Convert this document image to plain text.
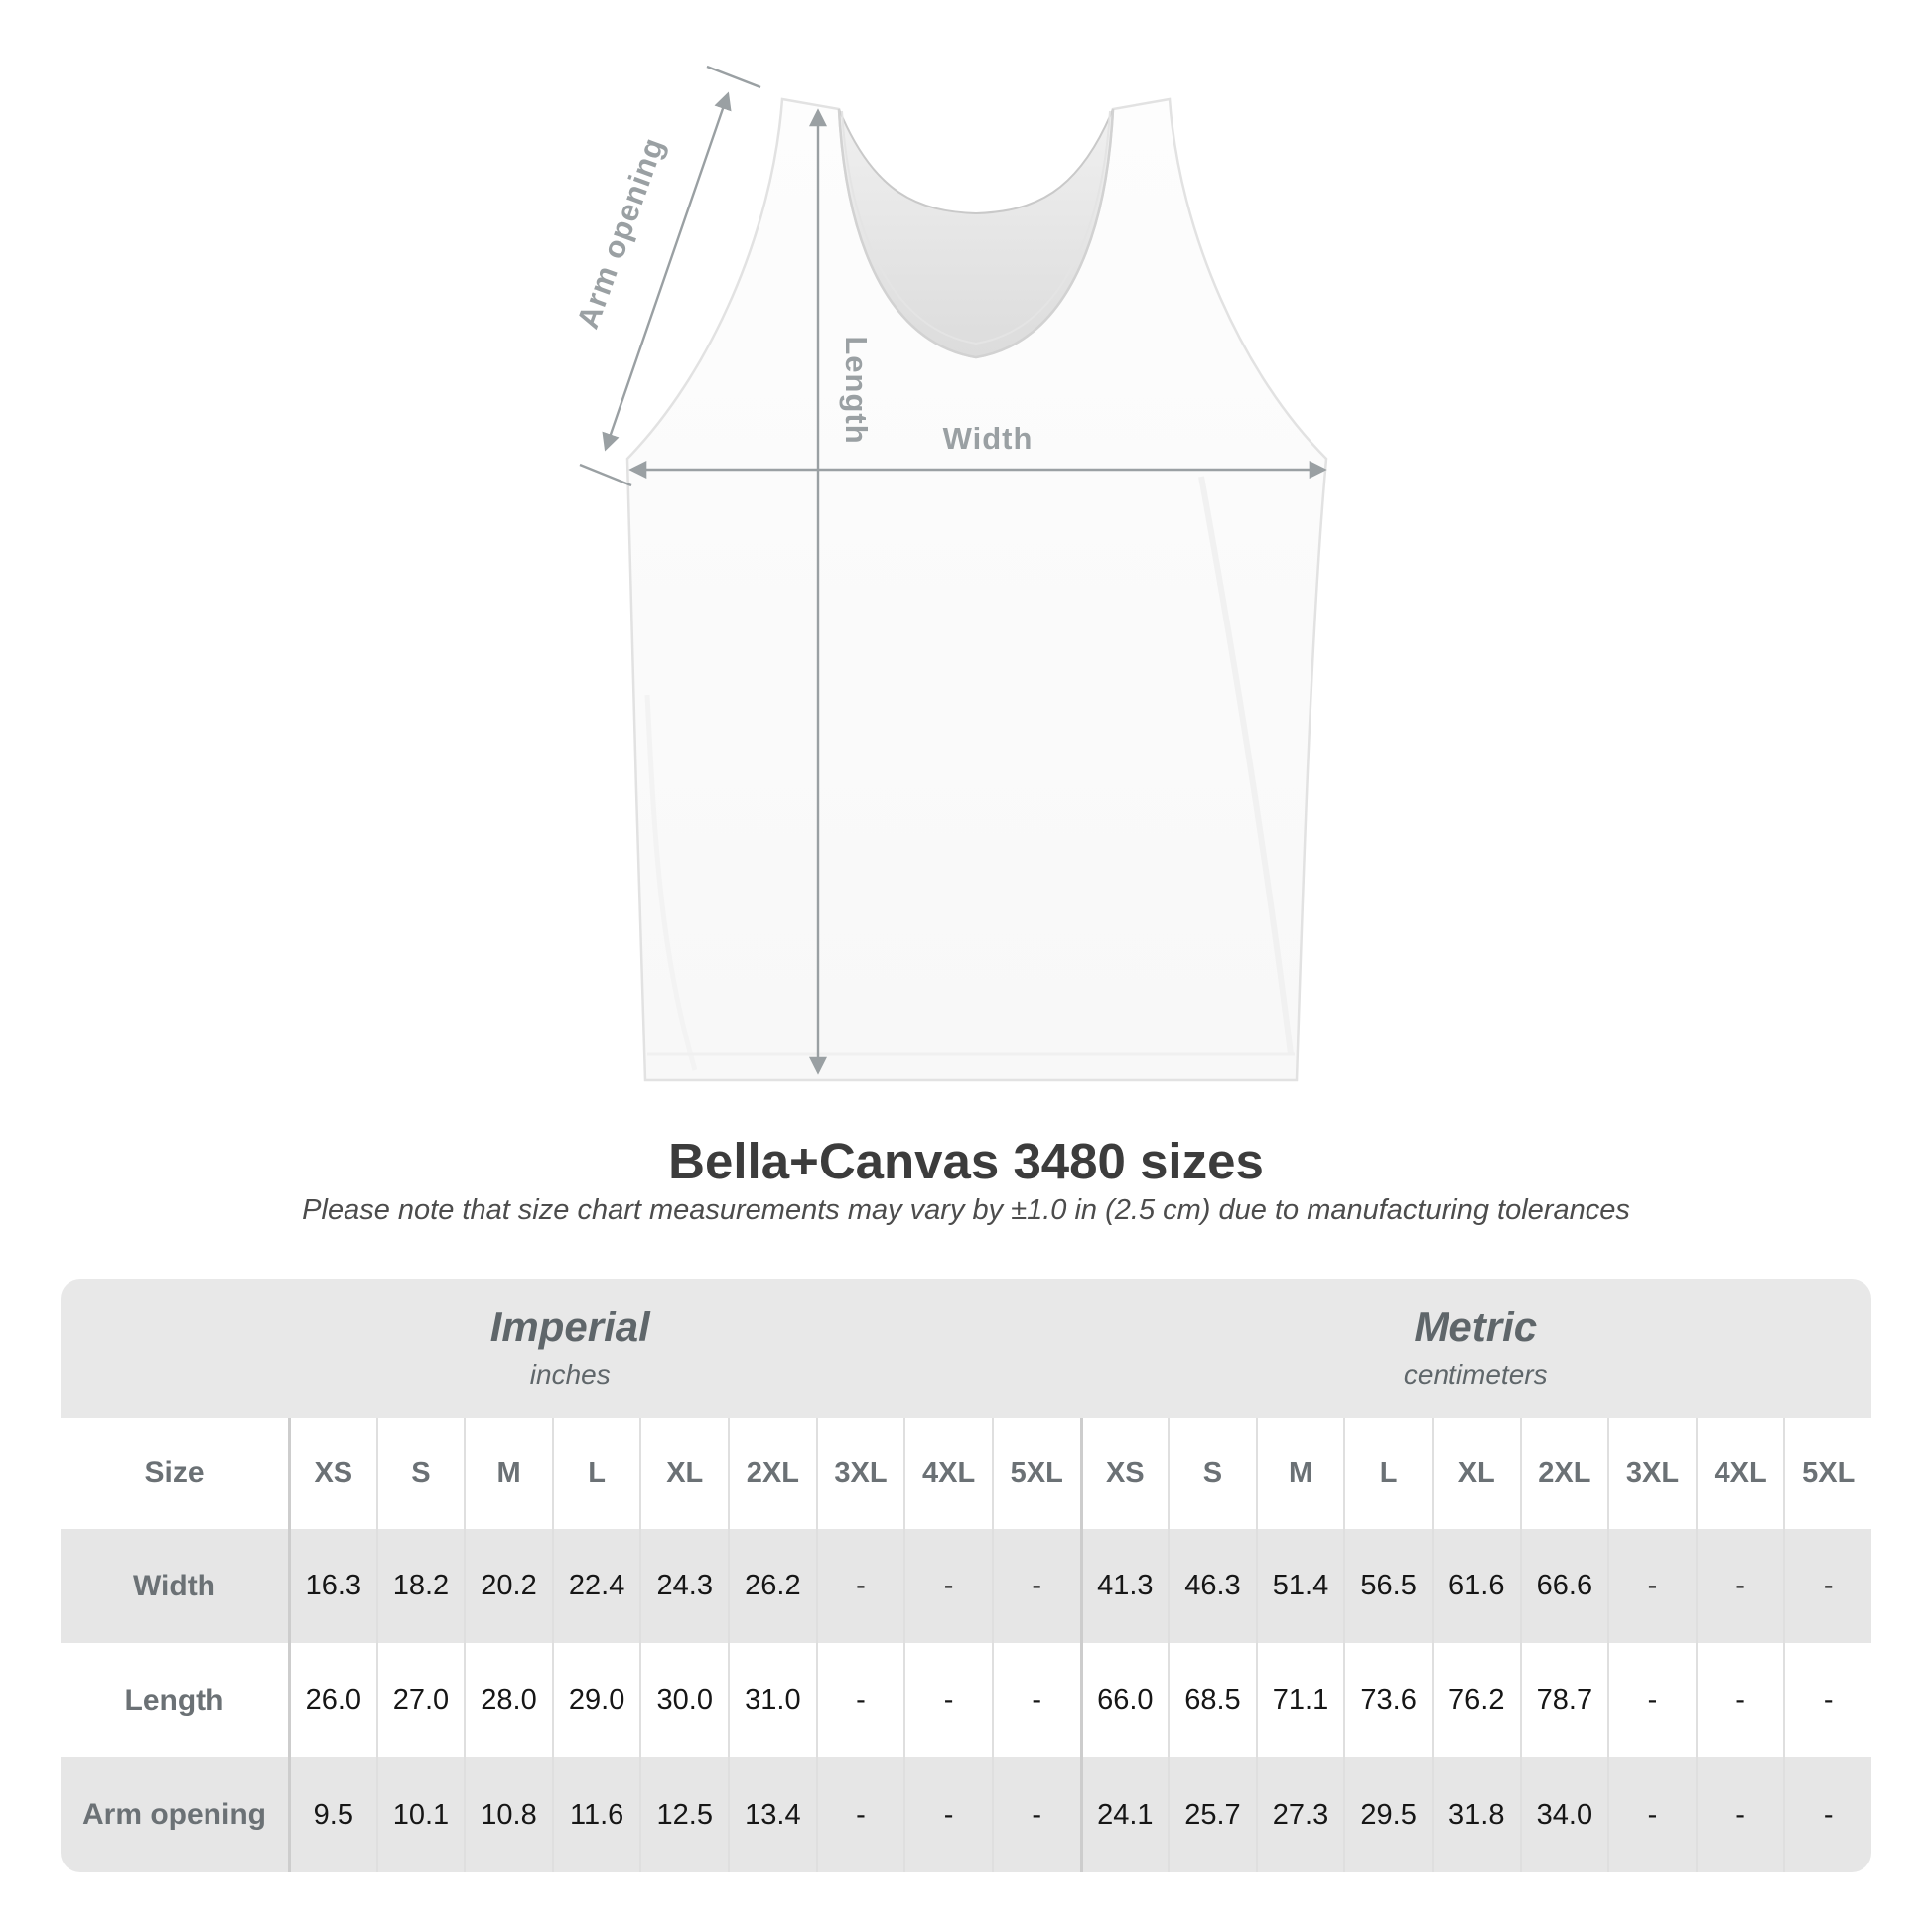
Arm opening
Length Width
Bella+Canvas 3480 sizes
Please note that size chart measurements may vary by ±1.0 in (2.5 cm) due to manufacturing tolerances
Imperial
inches
Metric
centimeters
Size	XS	S	M	L	XL	2XL	3XL	4XL	5XL	XS	S	M	L	XL	2XL	3XL	4XL	5XL
Width	16.3	18.2	20.2	22.4	24.3	26.2	-	-	-	41.3	46.3	51.4	56.5	61.6	66.6	-	-	-
Length	26.0	27.0	28.0	29.0	30.0	31.0	-	-	-	66.0	68.5	71.1	73.6	76.2	78.7	-	-	-
Arm opening	9.5	10.1	10.8	11.6	12.5	13.4	-	-	-	24.1	25.7	27.3	29.5	31.8	34.0	-	-	-
